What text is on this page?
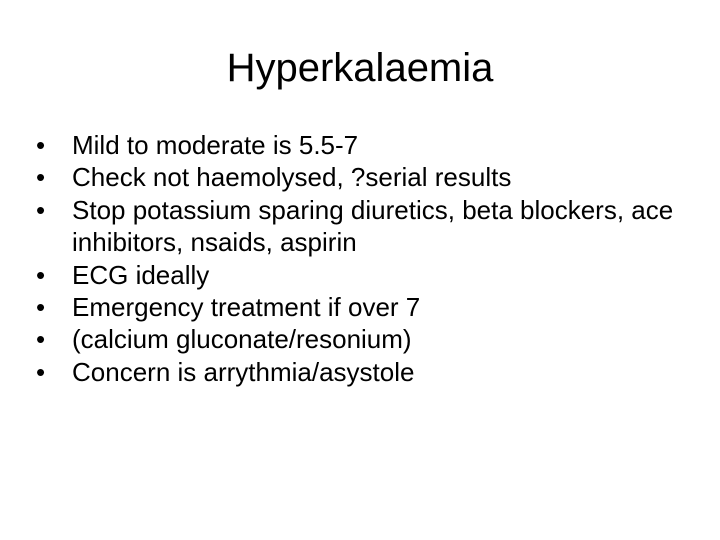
Hyperkalaemia
•	Mild to moderate is 5.5-7
•	Check not haemolysed, ?serial results
•	Stop potassium sparing diuretics, beta blockers, ace inhibitors, nsaids, aspirin
•	ECG ideally
•	Emergency treatment if over 7
•	(calcium gluconate/resonium)
•	Concern is arrythmia/asystole
